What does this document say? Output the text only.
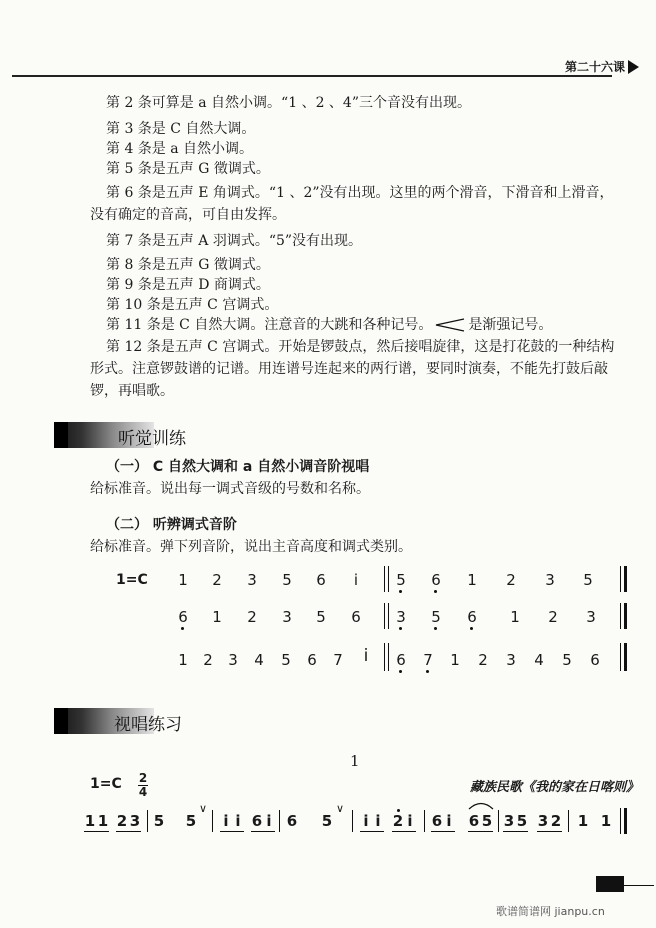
第二十六课
第 2 条可算是 a 自然小调。“1 、2 、4”三个音没有出现。
第 3 条是 C 自然大调。
第 4 条是 a 自然小调。
第 5 条是五声 G 徵调式。
第 6 条是五声 E 角调式。“1 、2”没有出现。这里的两个滑音，下滑音和上滑音，
没有确定的音高，可自由发挥。
第 7 条是五声 A 羽调式。“5”没有出现。
第 8 条是五声 G 徵调式。
第 9 条是五声 D 商调式。
第 10 条是五声 C 宫调式。
第 11 条是 C 自然大调。注意音的大跳和各种记号。	是渐强记号。
第 12 条是五声 C 宫调式。开始是锣鼓点，然后接唱旋律，这是打花鼓的一种结构
形式。注意锣鼓谱的记谱。用连谱号连起来的两行谱，要同时演奏，不能先打鼓后敲
锣，再唱歌。
听觉训练
（一） C 自然大调和 a 自然小调音阶视唱
给标准音。说出每一调式音级的号数和名称。
（二） 听辨调式音阶
给标准音。弹下列音阶，说出主音高度和调式类别。
1=C 1 2 3 5 6	i	5 6 1 2 3 5
6 1 2 3 5 6 3 5 6 1 2 3
1 2 3 4 5 6 7 i	6 7 1 2 3 4 5 6
视唱练习
1
1=C 2
4	藏族民歌《我的家在日喀则》
1 1 2 3 5 5
∨
i i 6 i 6 5
∨
i i 2 i 6 i 6 5 3 5 3 2 1 1
歌谱简谱网 jianpu.cn
